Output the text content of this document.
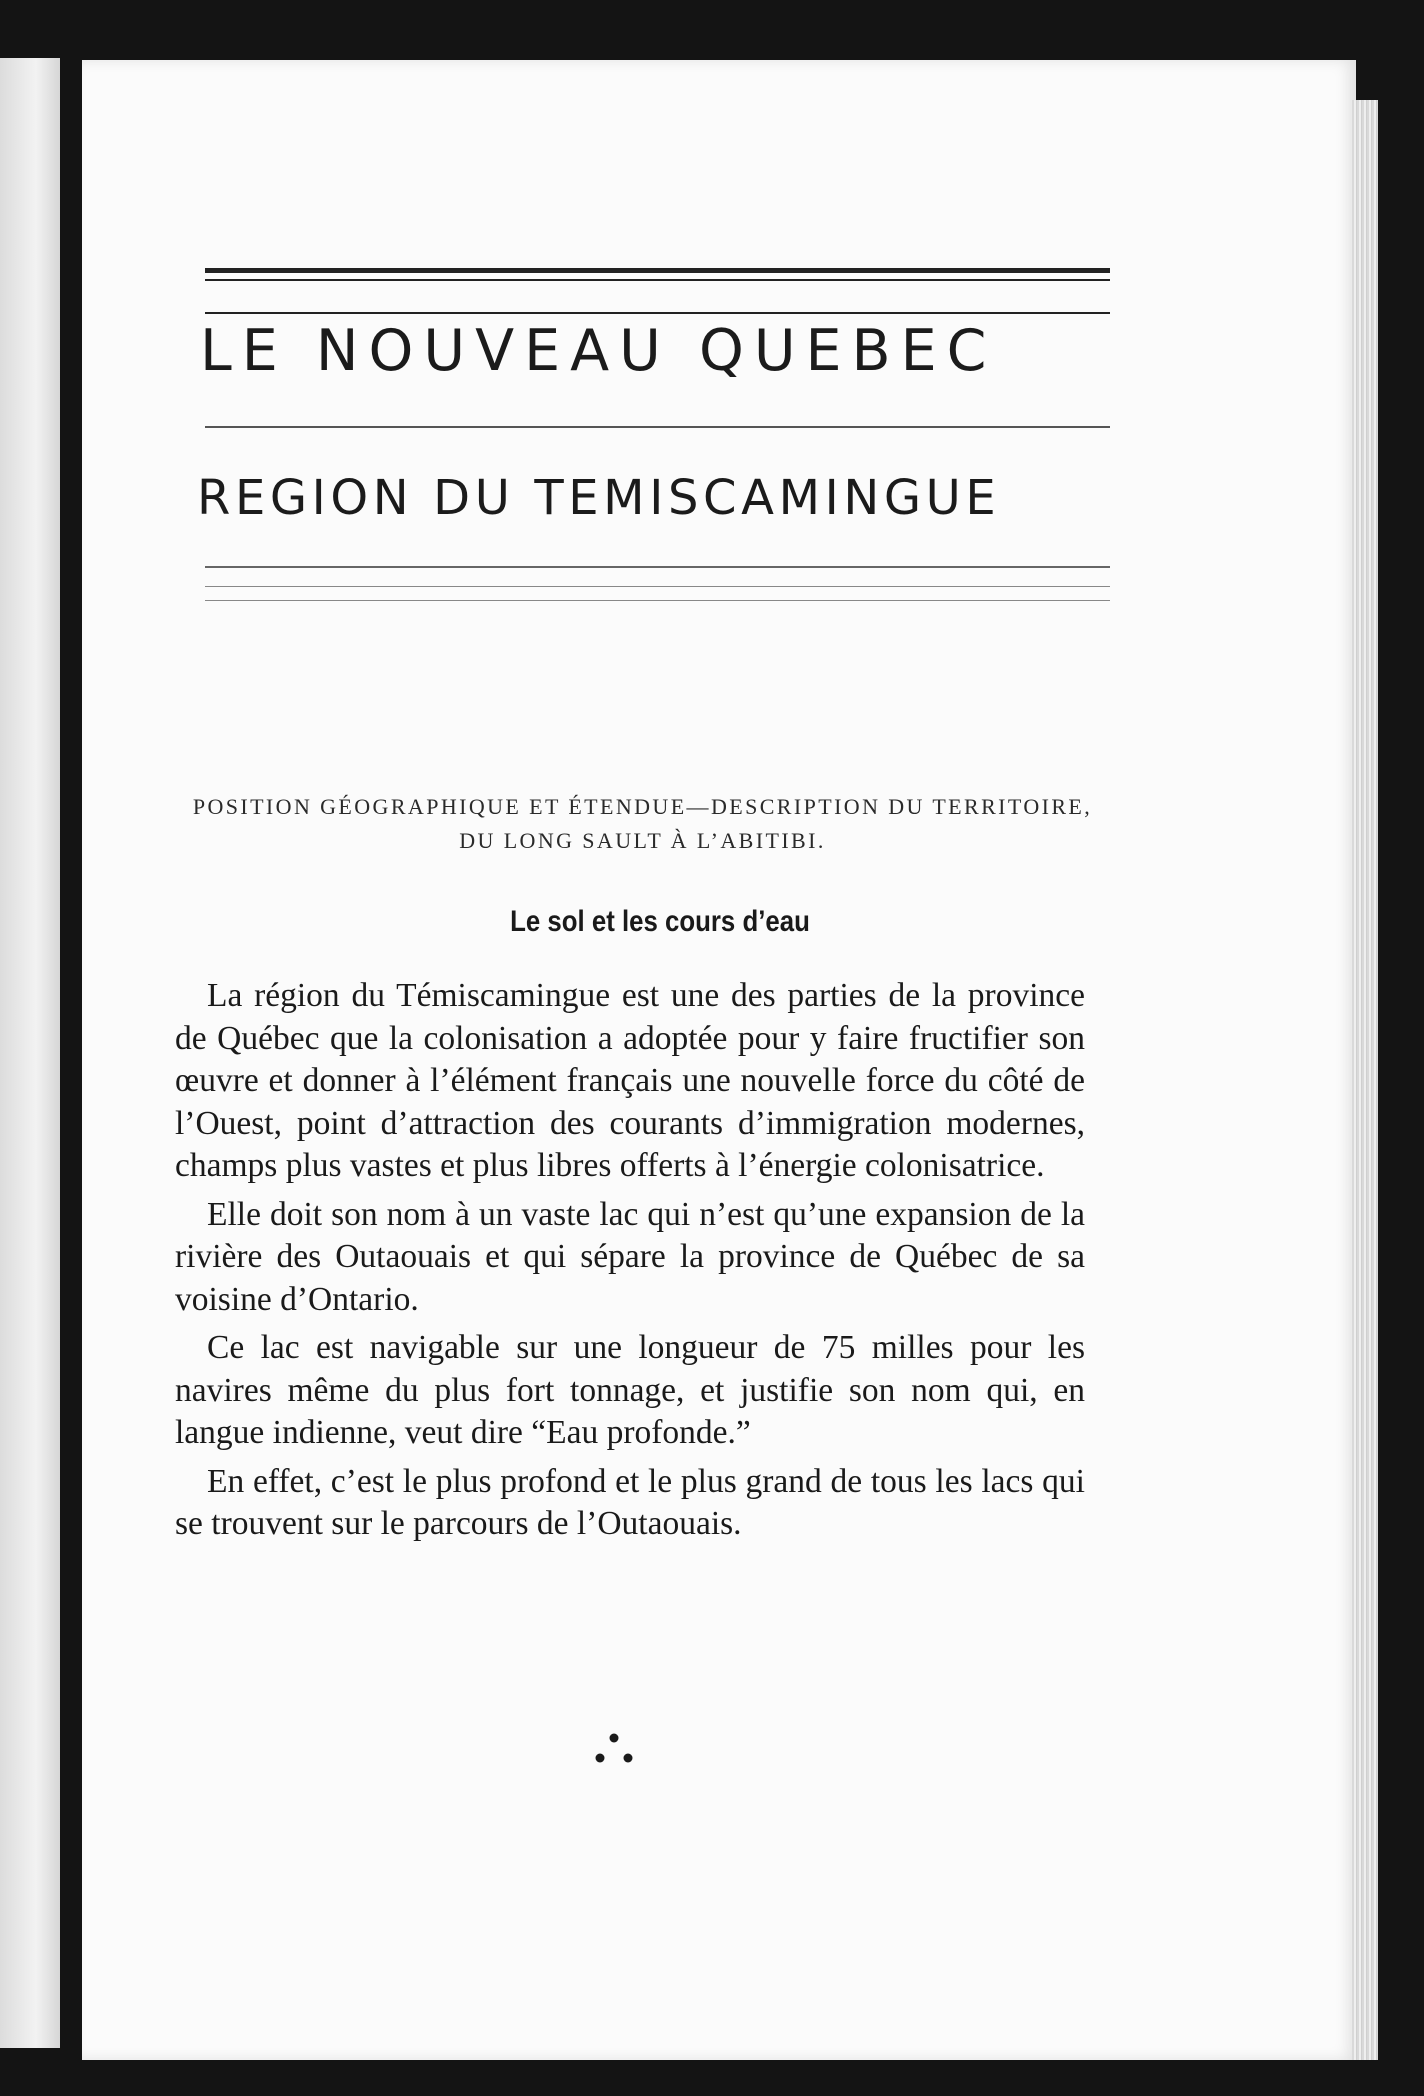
LE NOUVEAU QUEBEC
REGION DU TEMISCAMINGUE
POSITION GÉOGRAPHIQUE ET ÉTENDUE—DESCRIPTION DU TERRITOIRE, DU LONG SAULT À L’ABITIBI.
Le sol et les cours d’eau

La région du Témiscamingue est une des parties de la province de Québec que la colonisation a adoptée pour y faire fructifier son œuvre et donner à l’élément français une nouvelle force du côté de l’Ouest, point d’attraction des courants d’immigration modernes, champs plus vastes et plus libres offerts à l’énergie colonisatrice.

Elle doit son nom à un vaste lac qui n’est qu’une expansion de la rivière des Outaouais et qui sépare la province de Québec de sa voisine d’Ontario.

Ce lac est navigable sur une longueur de 75 milles pour les navires même du plus fort tonnage, et justifie son nom qui, en langue indienne, veut dire “Eau profonde.”

En effet, c’est le plus profond et le plus grand de tous les lacs qui se trouvent sur le parcours de l’Outaouais.
